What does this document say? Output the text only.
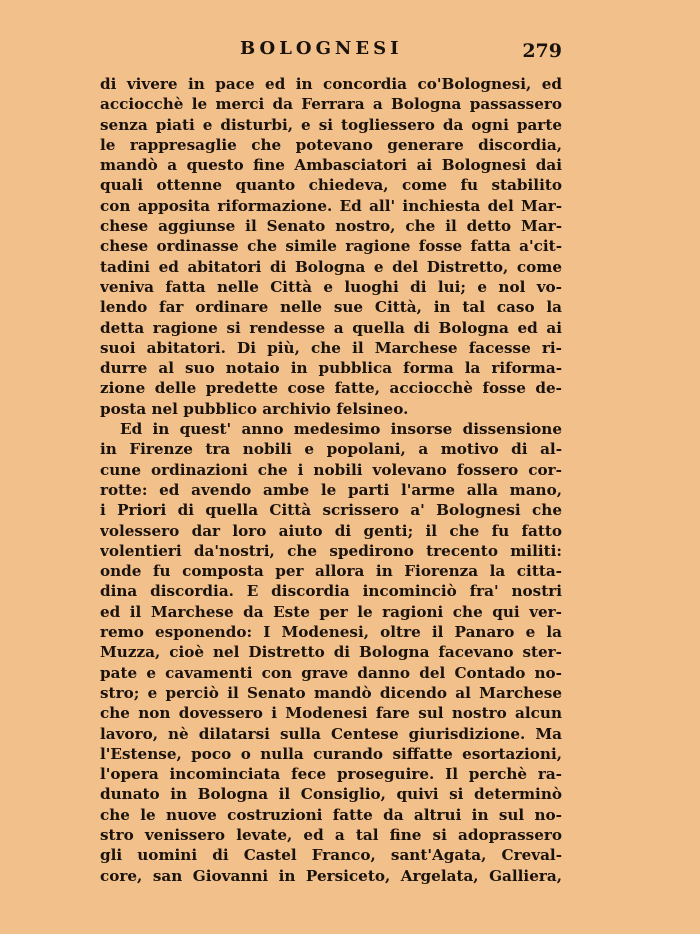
BOLOGNESI	279
di vivere in pace ed in concordia co'Bolognesi, ed
acciocchè le merci da Ferrara a Bologna passassero
senza piati e disturbi, e si togliessero da ogni parte
le rappresaglie che potevano generare discordia,
mandò a questo fine Ambasciatori ai Bolognesi dai
quali ottenne quanto chiedeva, come fu stabilito
con apposita riformazione. Ed all' inchiesta del Mar-
chese aggiunse il Senato nostro, che il detto Mar-
chese ordinasse che simile ragione fosse fatta a'cit-
tadini ed abitatori di Bologna e del Distretto, come
veniva fatta nelle Città e luoghi di lui; e nol vo-
lendo far ordinare nelle sue Città, in tal caso la
detta ragione si rendesse a quella di Bologna ed ai
suoi abitatori. Di più, che il Marchese facesse ri-
durre al suo notaio in pubblica forma la riforma-
zione delle predette cose fatte, acciocchè fosse de-
posta nel pubblico archivio felsineo.
Ed in quest' anno medesimo insorse dissensione
in Firenze tra nobili e popolani, a motivo di al-
cune ordinazioni che i nobili volevano fossero cor-
rotte: ed avendo ambe le parti l'arme alla mano,
i Priori di quella Città scrissero a' Bolognesi che
volessero dar loro aiuto di genti; il che fu fatto
volentieri da'nostri, che spedirono trecento militi:
onde fu composta per allora in Fiorenza la citta-
dina discordia. E discordia incominciò fra' nostri
ed il Marchese da Este per le ragioni che qui ver-
remo esponendo: I Modenesi, oltre il Panaro e la
Muzza, cioè nel Distretto di Bologna facevano ster-
pate e cavamenti con grave danno del Contado no-
stro; e perciò il Senato mandò dicendo al Marchese
che non dovessero i Modenesi fare sul nostro alcun
lavoro, nè dilatarsi sulla Centese giurisdizione. Ma
l'Estense, poco o nulla curando siffatte esortazioni,
l'opera incominciata fece proseguire. Il perchè ra-
dunato in Bologna il Consiglio, quivi si determinò
che le nuove costruzioni fatte da altrui in sul no-
stro venissero levate, ed a tal fine si adoprassero
gli uomini di Castel Franco, sant'Agata, Creval-
core, san Giovanni in Persiceto, Argelata, Galliera,
